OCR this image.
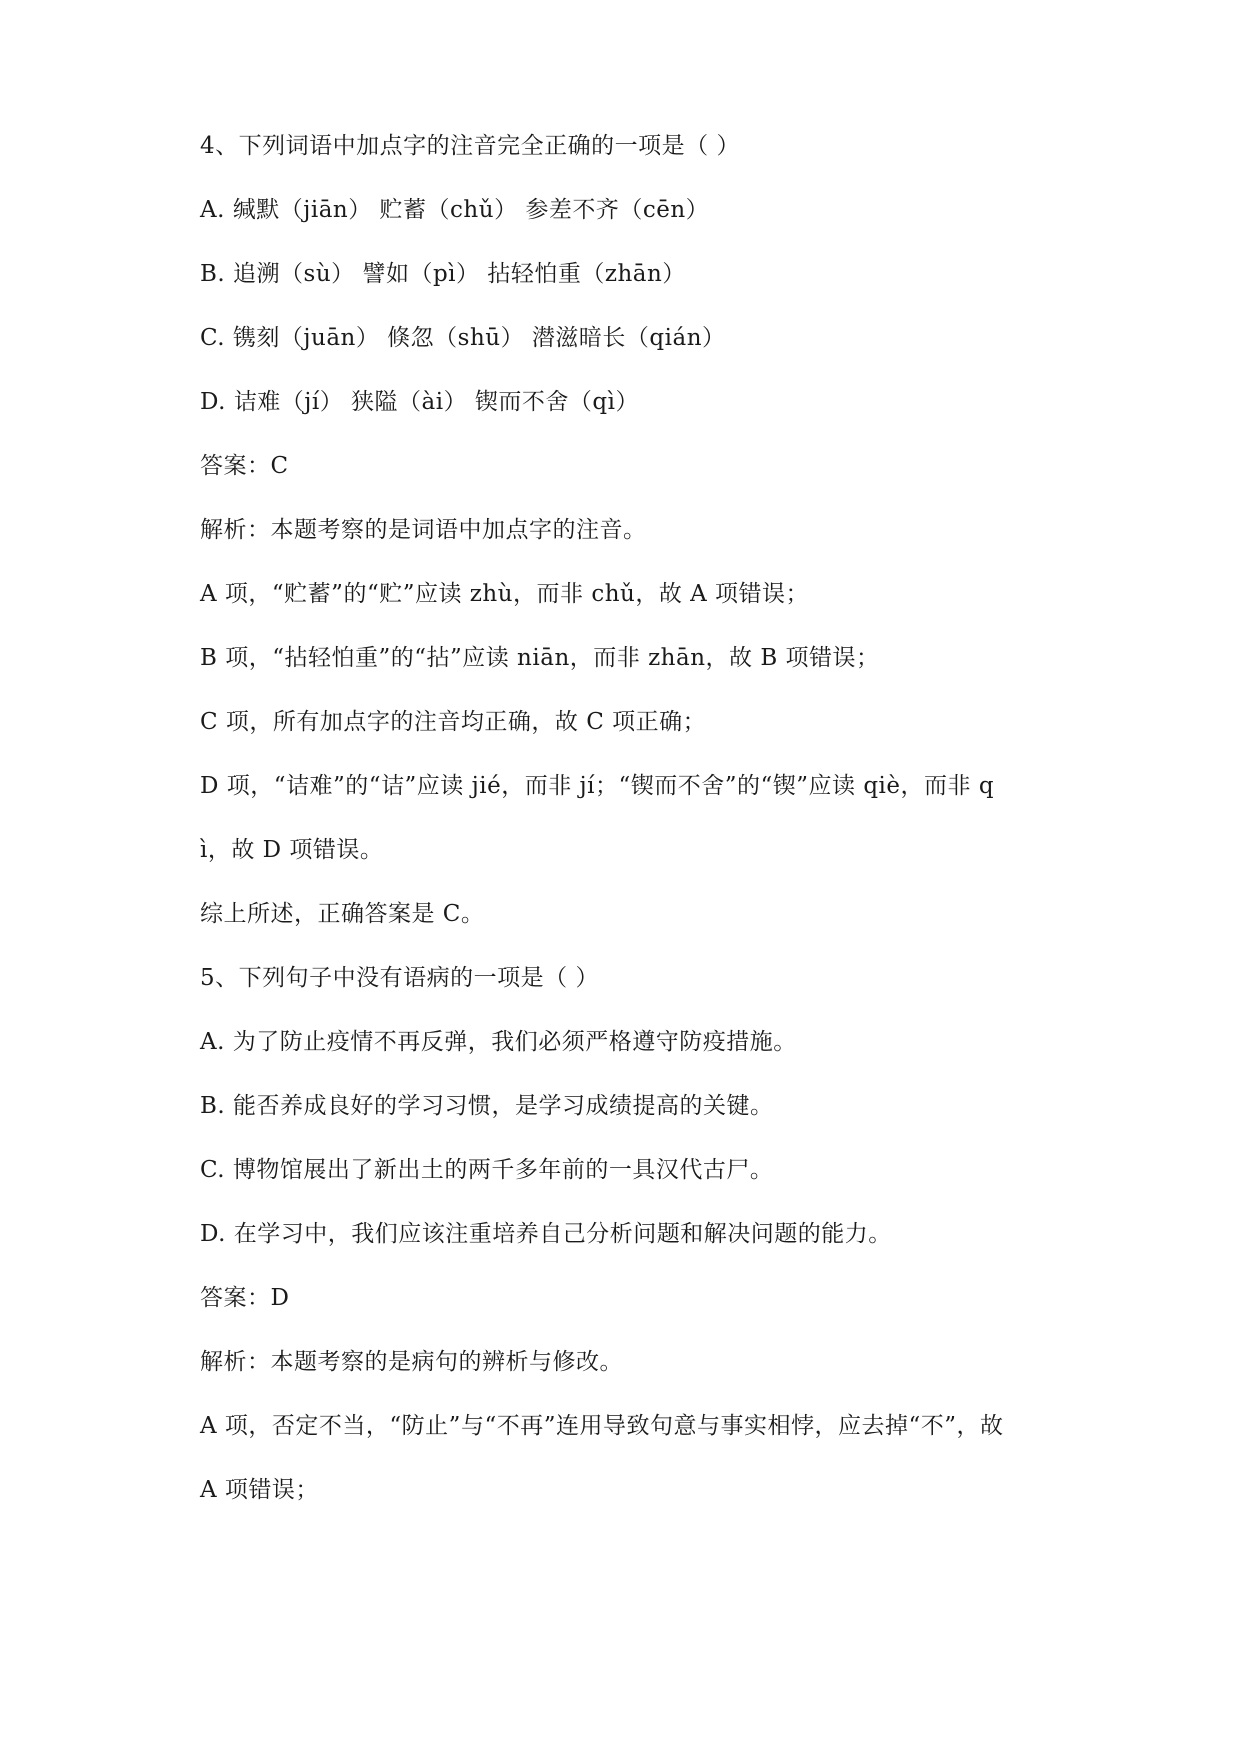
4、下列词语中加点字的注音完全正确的一项是（ ）
A. 缄默（jiān） 贮蓄（chǔ） 参差不齐（cēn）
B. 追溯（sù） 譬如（pì） 拈轻怕重（zhān）
C. 镌刻（juān） 倏忽（shū） 潜滋暗长（qián）
D. 诘难（jí） 狭隘（ài） 锲而不舍（qì）
答案：C
解析：本题考察的是词语中加点字的注音。
A 项，“贮蓄”的“贮”应读 zhù，而非 chǔ，故 A 项错误；
B 项，“拈轻怕重”的“拈”应读 niān，而非 zhān，故 B 项错误；
C 项，所有加点字的注音均正确，故 C 项正确；
D 项，“诘难”的“诘”应读 jié，而非 jí；“锲而不舍”的“锲”应读 qiè，而非 q
ì，故 D 项错误。
综上所述，正确答案是 C。
5、下列句子中没有语病的一项是（ ）
A. 为了防止疫情不再反弹，我们必须严格遵守防疫措施。
B. 能否养成良好的学习习惯，是学习成绩提高的关键。
C. 博物馆展出了新出土的两千多年前的一具汉代古尸。
D. 在学习中，我们应该注重培养自己分析问题和解决问题的能力。
答案：D
解析：本题考察的是病句的辨析与修改。
A 项，否定不当，“防止”与“不再”连用导致句意与事实相悖，应去掉“不”，故
A 项错误；
